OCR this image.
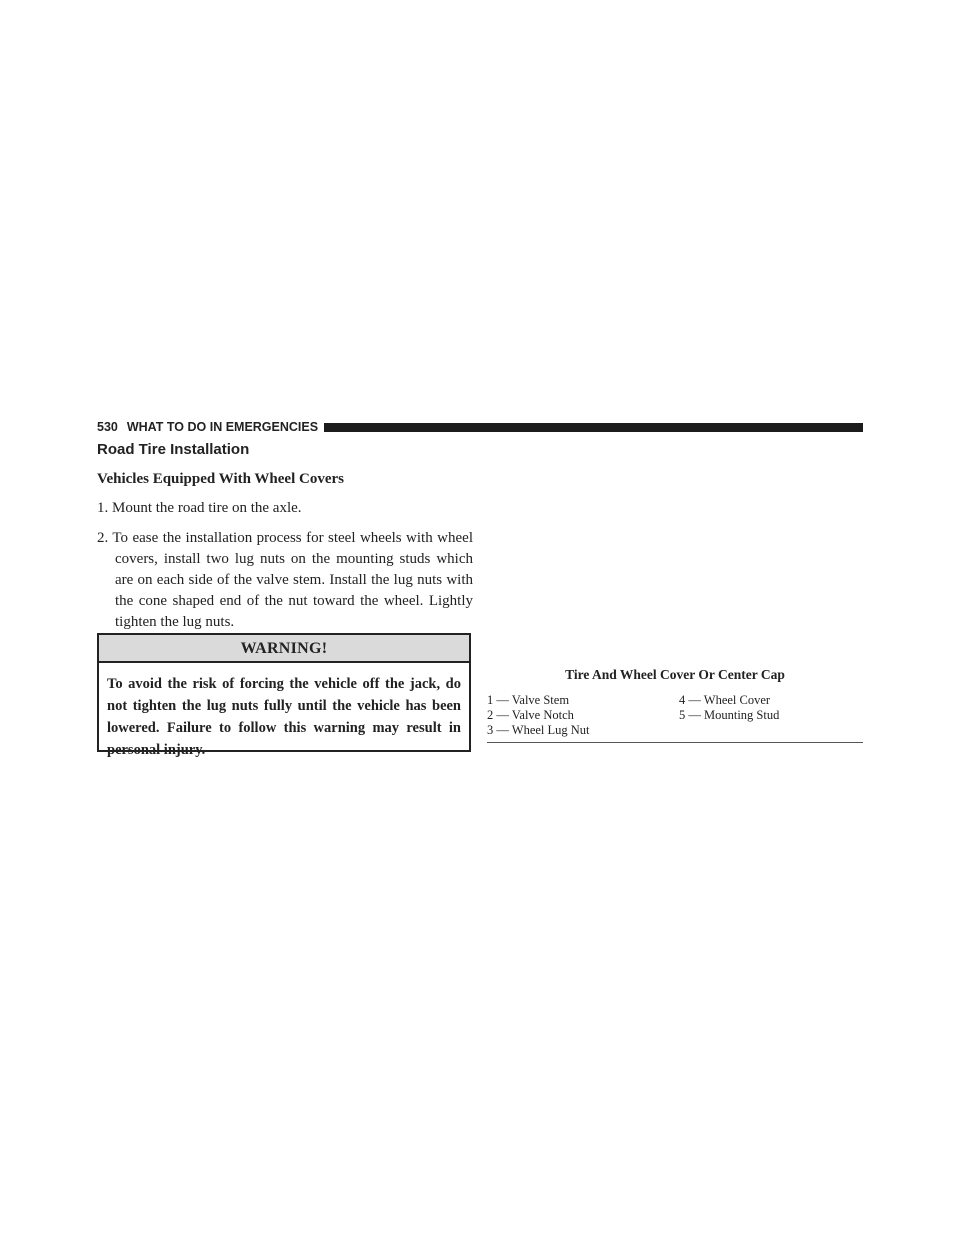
530 WHAT TO DO IN EMERGENCIES
Road Tire Installation
Vehicles Equipped With Wheel Covers
1. Mount the road tire on the axle.
2. To ease the installation process for steel wheels with wheel covers, install two lug nuts on the mounting studs which are on each side of the valve stem. Install the lug nuts with the cone shaped end of the nut toward the wheel. Lightly tighten the lug nuts.
WARNING!
To avoid the risk of forcing the vehicle off the jack, do not tighten the lug nuts fully until the vehicle has been lowered. Failure to follow this warning may result in personal injury.
Tire And Wheel Cover Or Center Cap
1 — Valve Stem
2 — Valve Notch
3 — Wheel Lug Nut
4 — Wheel Cover
5 — Mounting Stud
